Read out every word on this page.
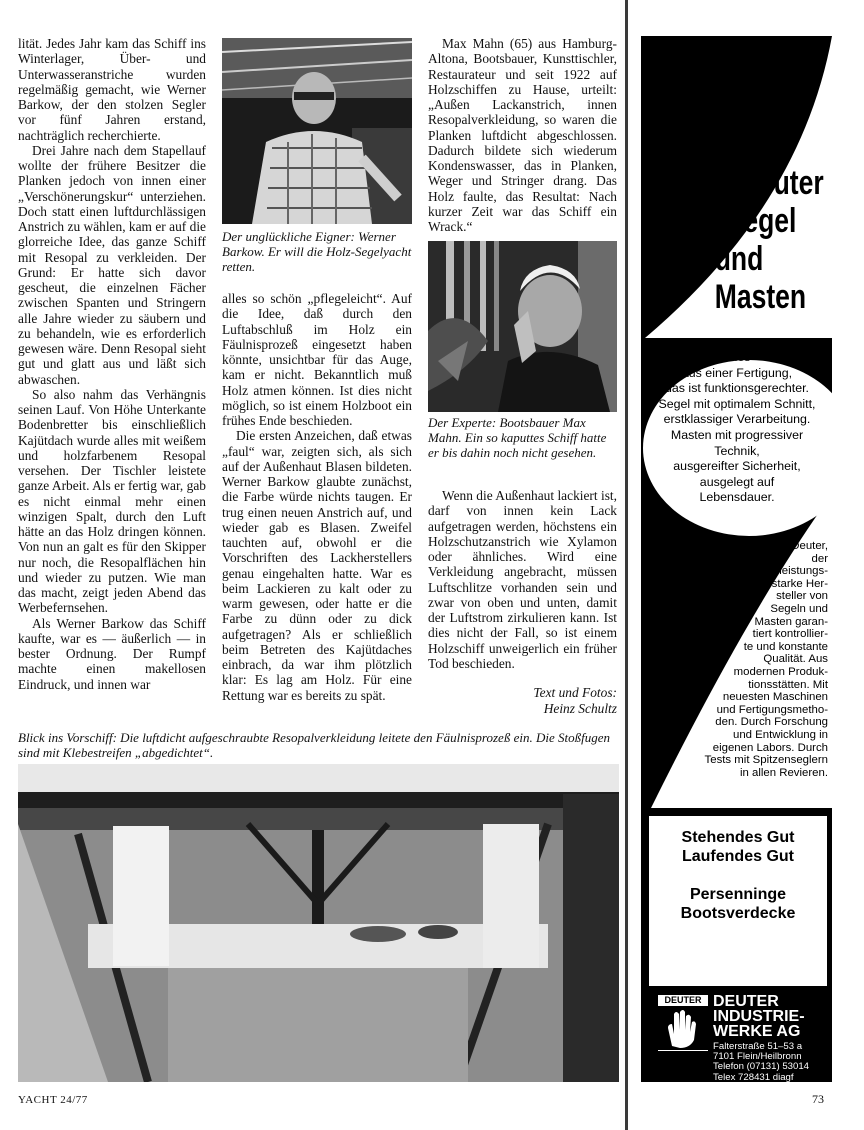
lität. Jedes Jahr kam das Schiff ins Winterlager, Über- und Unterwasseranstriche wurden regelmäßig gemacht, wie Werner Barkow, der den stolzen Segler vor fünf Jahren erstand, nachträglich recherchierte.

Drei Jahre nach dem Stapellauf wollte der frühere Besitzer die Planken jedoch von innen einer „Verschönerungskur“ unterziehen. Doch statt einen luftdurchlässigen Anstrich zu wählen, kam er auf die glorreiche Idee, das ganze Schiff mit Resopal zu verkleiden. Der Grund: Er hatte sich davor gescheut, die einzelnen Fächer zwischen Spanten und Stringern alle Jahre wieder zu säubern und zu behandeln, wie es erforderlich gewesen wäre. Denn Resopal sieht gut und glatt aus und läßt sich abwaschen.

So also nahm das Verhängnis seinen Lauf. Von Höhe Unterkante Bodenbretter bis einschließlich Kajütdach wurde alles mit weißem und holzfarbenem Resopal versehen. Der Tischler leistete ganze Arbeit. Als er fertig war, gab es nicht einmal mehr einen winzigen Spalt, durch den Luft hätte an das Holz dringen können. Von nun an galt es für den Skipper nur noch, die Resopalflächen hin und wieder zu putzen. Wie man das macht, zeigt jeden Abend das Werbefernsehen.

Als Werner Barkow das Schiff kaufte, war es — äußerlich — in bester Ordnung. Der Rumpf machte einen makellosen Eindruck, und innen war

Der unglückliche Eigner: Werner Barkow. Er will die Holz-Segelyacht retten.

alles so schön „pflegeleicht“. Auf die Idee, daß durch den Luftabschluß im Holz ein Fäulnisprozeß eingesetzt haben könnte, unsichtbar für das Auge, kam er nicht. Bekanntlich muß Holz atmen können. Ist dies nicht möglich, so ist einem Holzboot ein frühes Ende beschieden.

Die ersten Anzeichen, daß etwas „faul“ war, zeigten sich, als sich auf der Außenhaut Blasen bildeten. Werner Barkow glaubte zunächst, die Farbe würde nichts taugen. Er trug einen neuen Anstrich auf, und wieder gab es Blasen. Zweifel tauchten auf, obwohl er die Vorschriften des Lackherstellers genau eingehalten hatte. War es beim Lackieren zu kalt oder zu warm gewesen, oder hatte er die Farbe zu dünn oder zu dick aufgetragen? Als er schließlich beim Betreten des Kajütdaches einbrach, da war ihm plötzlich klar: Es lag am Holz. Für eine Rettung war es bereits zu spät.

Max Mahn (65) aus Hamburg-Altona, Bootsbauer, Kunsttischler, Restaurateur und seit 1922 auf Holzschiffen zu Hause, urteilt: „Außen Lackanstrich, innen Resopalverkleidung, so waren die Planken luftdicht abgeschlossen. Dadurch bildete sich wiederum Kondenswasser, das in Planken, Weger und Stringer drang. Das Holz faulte, das Resultat: Nach kurzer Zeit war das Schiff ein Wrack.“

Der Experte: Bootsbauer Max Mahn. Ein so kaputtes Schiff hatte er bis dahin noch nicht gesehen.

Wenn die Außenhaut lackiert ist, darf von innen kein Lack aufgetragen werden, höchstens ein Holzschutzanstrich wie Xylamon oder ähnliches. Wird eine Verkleidung angebracht, müssen Luftschlitze vorhanden sein und zwar von oben und unten, damit der Luftstrom zirkulieren kann. Ist dies nicht der Fall, so ist einem Holzschiff unweigerlich ein früher Tod beschieden.

Text und Fotos:
Heinz Schultz
Blick ins Vorschiff: Die luftdicht aufgeschraubte Resopalverkleidung leitete den Fäulnisprozeß ein. Die Stoßfugen sind mit Klebestreifen „abgedichtet“.
Deuter
Segel
und
Masten
Alles
aus einer Fertigung,
das ist funktionsgerechter.
Segel mit optimalem Schnitt,
erstklassiger Verarbeitung.
Masten mit progressiver
Technik,
ausgereifter Sicherheit,
ausgelegt auf
Lebensdauer.
Deuter,
der
leistungs-
starke Her-
steller von
Segeln und
Masten garan-
tiert kontrollier-
te und konstante
Qualität. Aus
modernen Produk-
tionsstätten. Mit
neuesten Maschinen
und Fertigungsmetho-
den. Durch Forschung
und Entwicklung in
eigenen Labors. Durch
Tests mit Spitzenseglern
in allen Revieren.
Stehendes Gut
Laufendes Gut
Persenninge
Bootsverdecke
DEUTER DEUTER
INDUSTRIE-
WERKE AG
Falterstraße 51–53 a
7101 Flein/Heilbronn
Telefon (07131) 53014
Telex 728431 diagf
YACHT 24/77	73
